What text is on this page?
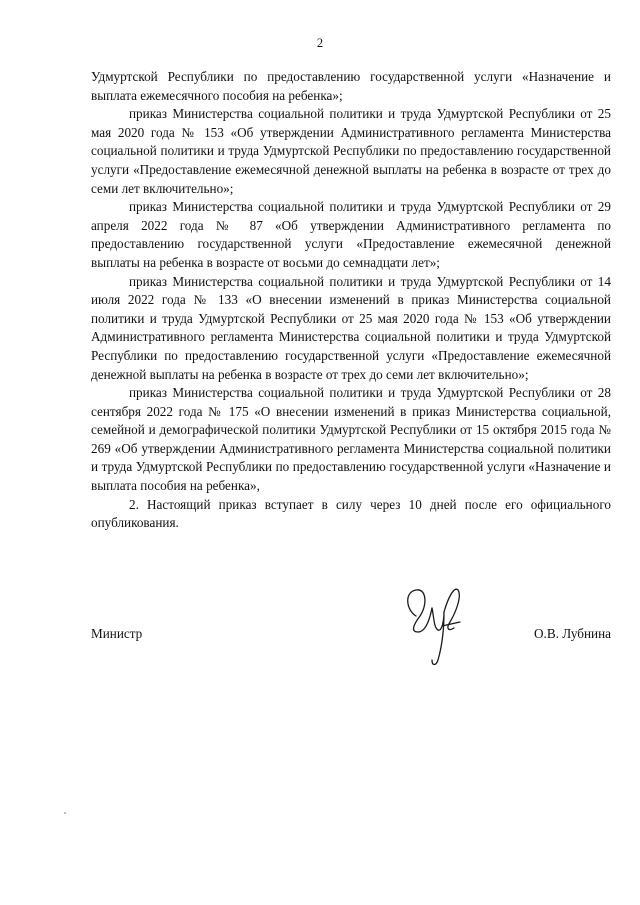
2

Удмуртской Республики по предоставлению государственной услуги «Назначение и выплата ежемесячного пособия на ребенка»;

приказ Министерства социальной политики и труда Удмуртской Республики от 25 мая 2020 года № 153 «Об утверждении Административного регламента Министерства социальной политики и труда Удмуртской Республики по предоставлению государственной услуги «Предоставление ежемесячной денежной выплаты на ребенка в возрасте от трех до семи лет включительно»;

приказ Министерства социальной политики и труда Удмуртской Республики от 29 апреля 2022 года № 87 «Об утверждении Административного регламента по предоставлению государственной услуги «Предоставление ежемесячной денежной выплаты на ребенка в возрасте от восьми до семнадцати лет»;

приказ Министерства социальной политики и труда Удмуртской Республики от 14 июля 2022 года № 133 «О внесении изменений в приказ Министерства социальной политики и труда Удмуртской Республики от 25 мая 2020 года № 153 «Об утверждении Административного регламента Министерства социальной политики и труда Удмуртской Республики по предоставлению государственной услуги «Предоставление ежемесячной денежной выплаты на ребенка в возрасте от трех до семи лет включительно»;

приказ Министерства социальной политики и труда Удмуртской Республики от 28 сентября 2022 года № 175 «О внесении изменений в приказ Министерства социальной, семейной и демографической политики Удмуртской Республики от 15 октября 2015 года № 269 «Об утверждении Административного регламента Министерства социальной политики и труда Удмуртской Республики по предоставлению государственной услуги «Назначение и выплата пособия на ребенка»,

2. Настоящий приказ вступает в силу через 10 дней после его официального опубликования.

Министр	О.В. Лубнина
